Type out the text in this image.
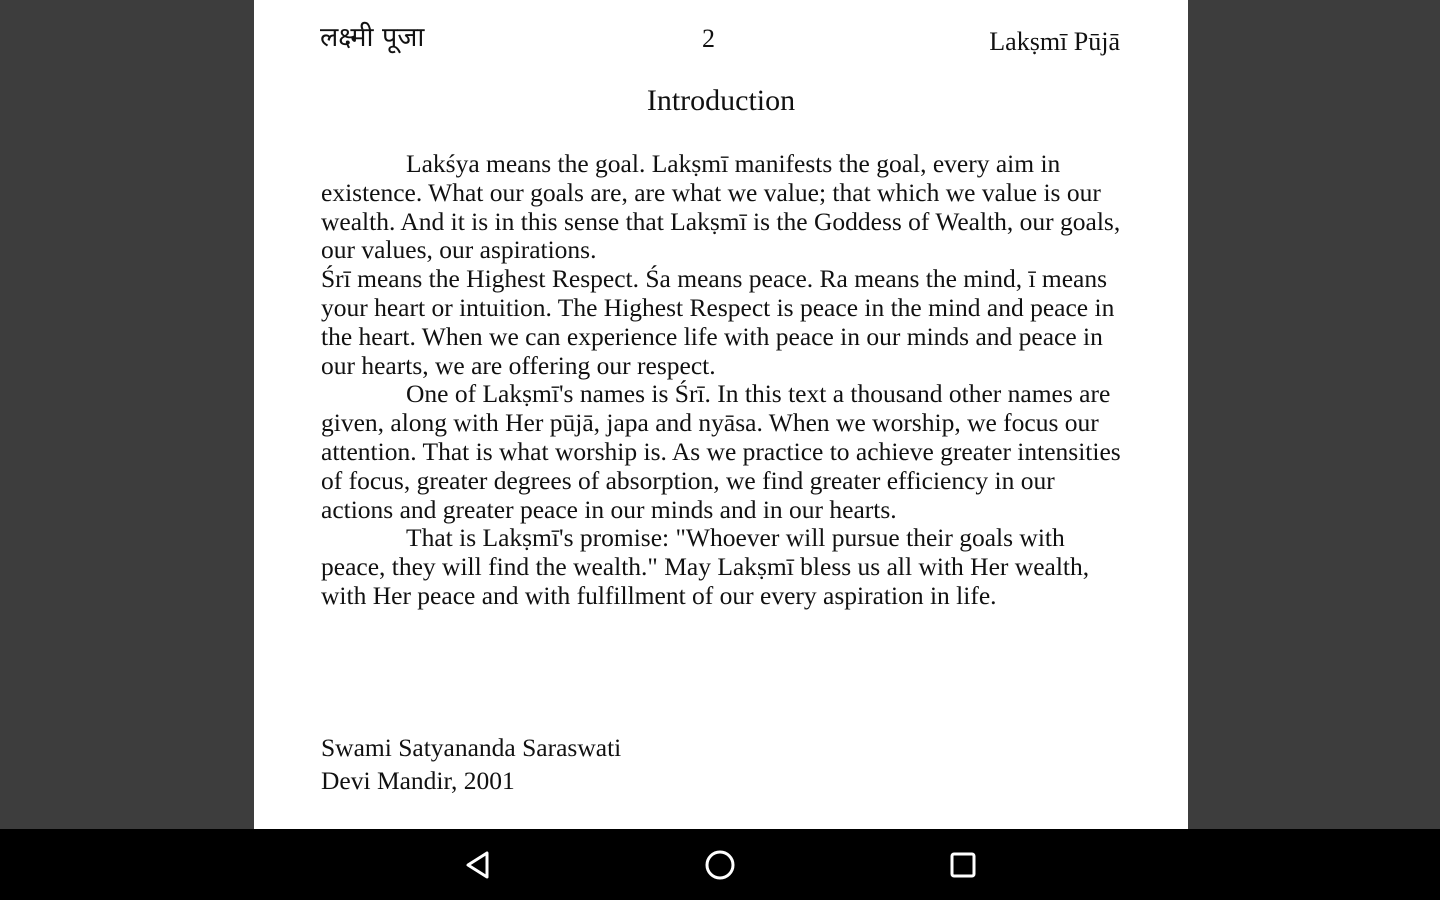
लक्ष्मी पूजा	2	Lakṣmī Pūjā
Introduction

Lakśya means the goal. Lakṣmī manifests the goal, every aim in existence. What our goals are, are what we value; that which we value is our wealth. And it is in this sense that Lakṣmī is the Goddess of Wealth, our goals, our values, our aspirations.

Śrī means the Highest Respect. Śa means peace. Ra means the mind, ī means your heart or intuition. The Highest Respect is peace in the mind and peace in the heart. When we can experience life with peace in our minds and peace in our hearts, we are offering our respect.

One of Lakṣmī's names is Śrī. In this text a thousand other names are given, along with Her pūjā, japa and nyāsa. When we worship, we focus our attention. That is what worship is. As we practice to achieve greater intensities of focus, greater degrees of absorption, we find greater efficiency in our actions and greater peace in our minds and in our hearts.

That is Lakṣmī's promise: "Whoever will pursue their goals with peace, they will find the wealth." May Lakṣmī bless us all with Her wealth, with Her peace and with fulfillment of our every aspiration in life.

Swami Satyananda Saraswati
Devi Mandir, 2001
